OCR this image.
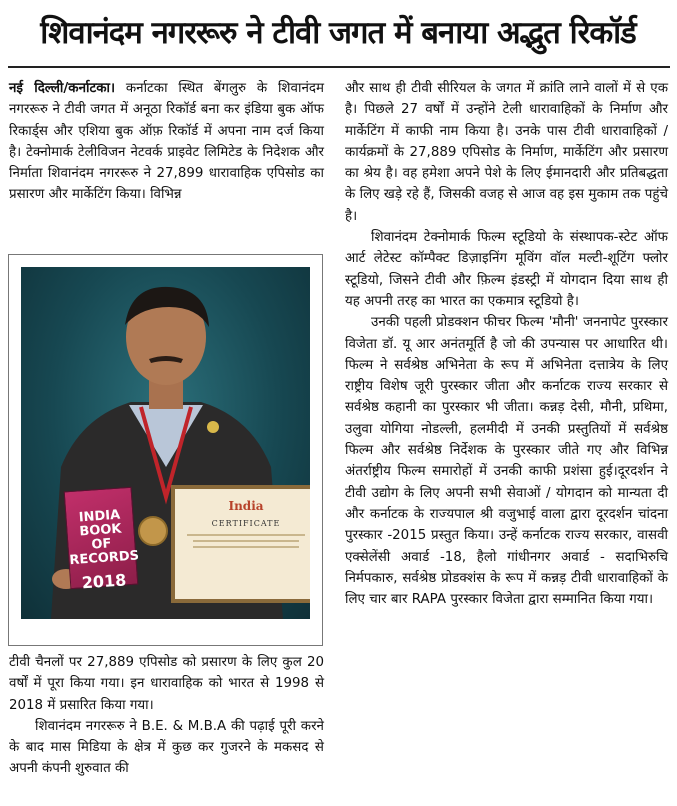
शिवानंदम नगररूरु ने टीवी जगत में बनाया अद्भुत रिकॉर्ड

नई दिल्ली/कर्नाटका। कर्नाटका स्थित बेंगलुरु के शिवानंदम नगररूरु ने टीवी जगत में अनूठा रिकॉर्ड बना कर इंडिया बुक ऑफ रिकार्ड्स और एशिया बुक ऑफ़ रिकॉर्ड में अपना नाम दर्ज किया है। टेक्नोमार्क टेलीविजन नेटवर्क प्राइवेट लिमिटेड के निदेशक और निर्माता शिवानंदम नगररूरु ने 27,899 धारावाहिक एपिसोड का प्रसारण और मार्केटिंग किया। विभिन्न

INDIA BOOK OF RECORDS
2018
India
CERTIFICATE

टीवी चैनलों पर 27,889 एपिसोड को प्रसारण के लिए कुल 20 वर्षों में पूरा किया गया। इन धारावाहिक को भारत से 1998 से 2018 में प्रसारित किया गया।

शिवानंदम नगररूरु ने B.E. & M.B.A की पढ़ाई पूरी करने के बाद मास मिडिया के क्षेत्र में कुछ कर गुजरने के मकसद से अपनी कंपनी शुरुवात की

और साथ ही टीवी सीरियल के जगत में क्रांति लाने वालों में से एक है। पिछले 27 वर्षों में उन्होंने टेली धारावाहिकों के निर्माण और मार्केटिंग में काफी नाम किया है। उनके पास टीवी धारावाहिकों / कार्यक्रमों के 27,889 एपिसोड के निर्माण, मार्केटिंग और प्रसारण का श्रेय है। वह हमेशा अपने पेशे के लिए ईमानदारी और प्रतिबद्धता के लिए खड़े रहे हैं, जिसकी वजह से आज वह इस मुकाम तक पहुंचे है।

शिवानंदम टेक्नोमार्क फिल्म स्टूडियो के संस्थापक-स्टेट ऑफ आर्ट लेटेस्ट कॉम्पैक्ट डिज़ाइनिंग मूविंग वॉल मल्टी-शूटिंग फ्लोर स्टूडियो, जिसने टीवी और फ़िल्म इंडस्ट्री में योगदान दिया साथ ही यह अपनी तरह का भारत का एकमात्र स्टूडियो है।

उनकी पहली प्रोडक्शन फीचर फिल्म 'मौनी' जननापेट पुरस्कार विजेता डॉ. यू आर अनंतमूर्ति है जो की उपन्यास पर आधारित थी। फिल्म ने सर्वश्रेष्ठ अभिनेता के रूप में अभिनेता दत्तात्रेय के लिए राष्ट्रीय विशेष जूरी पुरस्कार जीता और कर्नाटक राज्य सरकार से सर्वश्रेष्ठ कहानी का पुरस्कार भी जीता। कन्नड़ देसी, मौनी, प्रथिमा, उलुवा योगिया नोडल्ली, हलमीदी में उनकी प्रस्तुतियों में सर्वश्रेष्ठ फिल्म और सर्वश्रेष्ठ निर्देशक के पुरस्कार जीते गए और विभिन्न अंतर्राष्ट्रीय फिल्म समारोहों में उनकी काफी प्रशंसा हुई।दूरदर्शन ने टीवी उद्योग के लिए अपनी सभी सेवाओं / योगदान को मान्यता दी और कर्नाटक के राज्यपाल श्री वजुभाई वाला द्वारा दूरदर्शन चांदना पुरस्कार -2015 प्रस्तुत किया। उन्हें कर्नाटक राज्य सरकार, वासवी एक्सेलेंसी अवार्ड -18, हैलो गांधीनगर अवार्ड - सदाभिरुचि निर्मपकारु, सर्वश्रेष्ठ प्रोडक्शंस के रूप में कन्नड़ टीवी धारावाहिकों के लिए चार बार RAPA पुरस्कार विजेता द्वारा सम्मानित किया गया।
